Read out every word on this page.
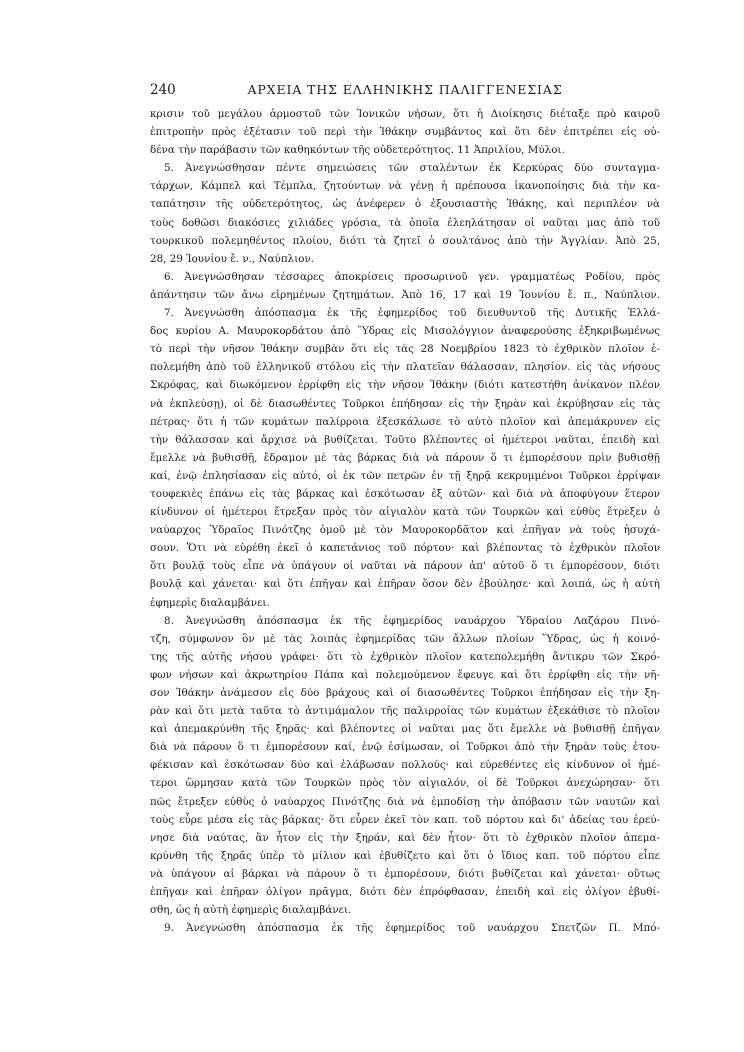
240	ΑΡΧΕΙΑ ΤΗΣ ΕΛΛΗΝΙΚΗΣ ΠΑΛΙΓΓΕΝΕΣΙΑΣ
κρισιν τοῦ μεγάλου ἁρμοστοῦ τῶν Ἰονικῶν νήσων, ὅτι ἡ Διοίκησις διέταξε πρὸ καιροῦ
ἐπιτροπὴν πρὸς ἐξέτασιν τοῦ περὶ τὴν Ἰθάκην συμβάντος καὶ ὅτι δὲν ἐπιτρέπει εἰς οὐ-
δένα τὴν παράβασιν τῶν καθηκόντων τῆς οὐδετερότητος. 11 Ἀπριλίου, Μύλοι.
5. Ἀνεγνώσθησαν πέντε σημειώσεις τῶν σταλέντων ἐκ Κερκύρας δύο συνταγμα-
τάρχων, Κάμπελ καὶ Τέμπλα, ζητούντων νὰ γένῃ ἡ πρέπουσα ἱκανοποίησις διὰ τὴν κα-
ταπάτησιν τῆς οὐδετερότητος, ὡς ἀνέφερεν ὁ ἐξουσιαστὴς Ἰθάκης, καὶ περιπλέον νὰ
τοὺς δοθῶσι διακόσιες χιλιάδες γρόσια, τὰ ὁποῖα ἐλεηλάτησαν οἱ ναῦται μας ἀπὸ τοῦ
τουρκικοῦ πολεμηθέντος πλοίου, διότι τὰ ζητεῖ ὁ σουλτάνος ἀπὸ τὴν Ἀγγλίαν. Ἀπὸ 25,
28, 29 Ἰουνίου ἔ. ν., Ναύπλιον.
6. Ἀνεγνώσθησαν τέσσαρες ἀποκρίσεις προσωρινοῦ γεν. γραμματέως Ροδίου, πρὸς
ἀπάντησιν τῶν ἄνω εἰρημένων ζητημάτων. Ἀπὸ 16, 17 καὶ 19 Ἰουνίου ἔ. π., Ναύπλιον.
7. Ἀνεγνώσθη ἀπόσπασμα ἐκ τῆς ἐφημερίδος τοῦ διευθυντοῦ τῆς Δυτικῆς Ἑλλά-
δος κυρίου Α. Μαυροκορδάτου ἀπὸ Ὕδρας εἰς Μισολόγγιον ἀναφερούσης ἐξηκριβωμένως
τὸ περὶ τὴν νῆσον Ἰθάκην συμβὰν ὅτι εἰς τὰς 28 Νοεμβρίου 1823 τὸ ἐχθρικὸν πλοῖον ἐ-
πολεμήθη ἀπὸ τοῦ ἑλληνικοῦ στόλου εἰς τὴν πλατεῖαν θάλασσαν, πλησίον. εἰς τὰς νήσους
Σκρόφας, καὶ διωκόμενον ἐρρίφθη εἰς τὴν νῆσον Ἰθάκην (διότι κατεστήθη ἀνίκανον πλέον
νὰ ἐκπλεύσῃ), οἱ δὲ διασωθέντες Τοῦρκοι ἐπήδησαν εἰς τὴν ξηρὰν καὶ ἐκρύβησαν εἰς τὰς
πέτρας· ὅτι ἡ τῶν κυμάτων παλίρροια ἐξεσκάλωσε τὸ αὐτὸ πλοῖον καὶ ἀπεμάκρυνεν εἰς
τὴν θάλασσαν καὶ ἄρχισε νὰ βυθίζεται. Τοῦτο βλέποντες οἱ ἡμέτεροι ναῦται, ἐπειδὴ καὶ
ἔμελλε νὰ βυθισθῇ, ἔδραμον μὲ τὰς βάρκας διὰ νὰ πάρουν ὅ τι ἐμπορέσουν πρὶν βυθισθῇ
καί, ἐνῷ ἐπλησίασαν εἰς αὐτό, οἱ ἐκ τῶν πετρῶν ἐν τῇ ξηρᾷ κεκρυμμένοι Τοῦρκοι ἐρρίψαν
τουφεκιὲς ἐπάνω εἰς τὰς βάρκας καὶ ἐσκότωσαν ἐξ αὐτῶν· καὶ διὰ νὰ ἀποφύγουν ἕτερον
κίνδυνον οἱ ἡμέτεροι ἔτρεξαν πρὸς τὸν αἰγιαλὸν κατὰ τῶν Τουρκῶν καὶ εὐθὺς ἔτρεξεν ὁ
ναύαρχος Ὑδραῖος Πινότζης ὁμοῦ μὲ τὸν Μαυροκορδᾶτον καὶ ἐπῆγαν νὰ τοὺς ἡσυχά-
σουν. Ὅτι νὰ εὑρέθη ἐκεῖ ὁ καπετάνιος τοῦ πόρτου· καὶ βλέποντας τὸ ἐχθρικὸν πλοῖον
ὅτι βουλᾷ τοὺς εἶπε νὰ ὑπάγουν οἱ ναῦται νὰ πάρουν ἀπ' αὐτοῦ ὅ τι ἐμπορέσουν, διότι
βουλᾷ καὶ χάνεται· καὶ ὅτι ἐπῆγαν καὶ ἐπῆραν ὅσον δὲν ἐβούλησε· καὶ λοιπά, ὡς ἡ αὐτὴ
ἐφημερὶς διαλαμβάνει.
8. Ἀνεγνώσθη ἀπόσπασμα ἐκ τῆς ἐφημερίδος ναυάρχου Ὑδραίου Λαζάρου Πινό-
τζη, σύμφωνον ὃν μὲ τὰς λοιπὰς ἐφημερίδας τῶν ἄλλων πλοίων Ὕδρας, ὡς ἡ κοινό-
της τῆς αὐτῆς νήσου γράφει· ὅτι τὸ ἐχθρικὸν πλοῖον κατεπολεμήθη ἄντικρυ τῶν Σκρό-
φων νήσων καὶ ἀκρωτηρίου Πάπα καὶ πολεμούμενον ἔφευγε καὶ ὅτι ἐρρίφθη εἰς τὴν νῆ-
σον Ἰθάκην ἀνάμεσον εἰς δύο βράχους καὶ οἱ διασωθέντες Τοῦρκοι ἐπήδησαν εἰς τὴν ξη-
ρὰν καὶ ὅτι μετὰ ταῦτα τὸ ἀντιμάμαλον τῆς παλιρροίας τῶν κυμάτων ἐξεκάθισε τὸ πλοῖον
καὶ ἀπεμακρύνθη τῆς ξηρᾶς· καὶ βλέποντες οἱ ναῦται μας ὅτι ἔμελλε νὰ βυθισθῇ ἐπῆγαν
διὰ νὰ πάρουν ὅ τι ἐμπορέσουν καί, ἐνῷ ἐσίμωσαν, οἱ Τοῦρκοι ἀπὸ τὴν ξηρὰν τοὺς ἐτου-
φέκισαν καὶ ἐσκότωσαν δύο καὶ ἐλάβωσαν πολλούς· καὶ εὑρεθέντες εἰς κίνδυνον οἱ ἡμέ-
τεροι ὥρμησαν κατὰ τῶν Τουρκῶν πρὸς τὸν αἰγιαλόν, οἱ δὲ Τοῦρκοι ἀνεχώρησαν· ὅτι
πῶς ἔτρεξεν εὐθὺς ὁ ναύαρχος Πινότζης διὰ νὰ ἐμποδίσῃ τὴν ἀπόβασιν τῶν ναυτῶν καὶ
τοὺς εὗρε μέσα εἰς τὰς βάρκας· ὅτι εὗρεν ἐκεῖ τὸν καπ. τοῦ πόρτου καὶ δι' ἀδείας του ἐρεύ-
νησε διὰ ναύτας, ἂν ἦτον εἰς τὴν ξηράν, καὶ δὲν ἦτον· ὅτι τὸ ἐχθρικὸν πλοῖον ἀπεμα-
κρύνθη τῆς ξηρᾶς ὑπὲρ τὸ μίλιον καὶ ἐβυθίζετο καὶ ὅτι ὁ ἴδιος καπ. τοῦ πόρτου εἶπε
νὰ ὑπάγουν αἱ βάρκαι νὰ πάρουν ὅ τι ἐμπορέσουν, διότι βυθίζεται καὶ χάνεται· οὕτως
ἐπῆγαν καὶ ἐπῆραν ὀλίγον πρᾶγμα, διότι δὲν ἐπρόφθασαν, ἐπειδὴ καὶ εἰς ὀλίγον ἐβυθί-
σθη, ὡς ἡ αὐτὴ ἐφημερὶς διαλαμβάνει.
9. Ἀνεγνώσθη ἀπόσπασμα ἐκ τῆς ἐφημερίδος τοῦ ναυάρχου Σπετζῶν Π. Μπό-
